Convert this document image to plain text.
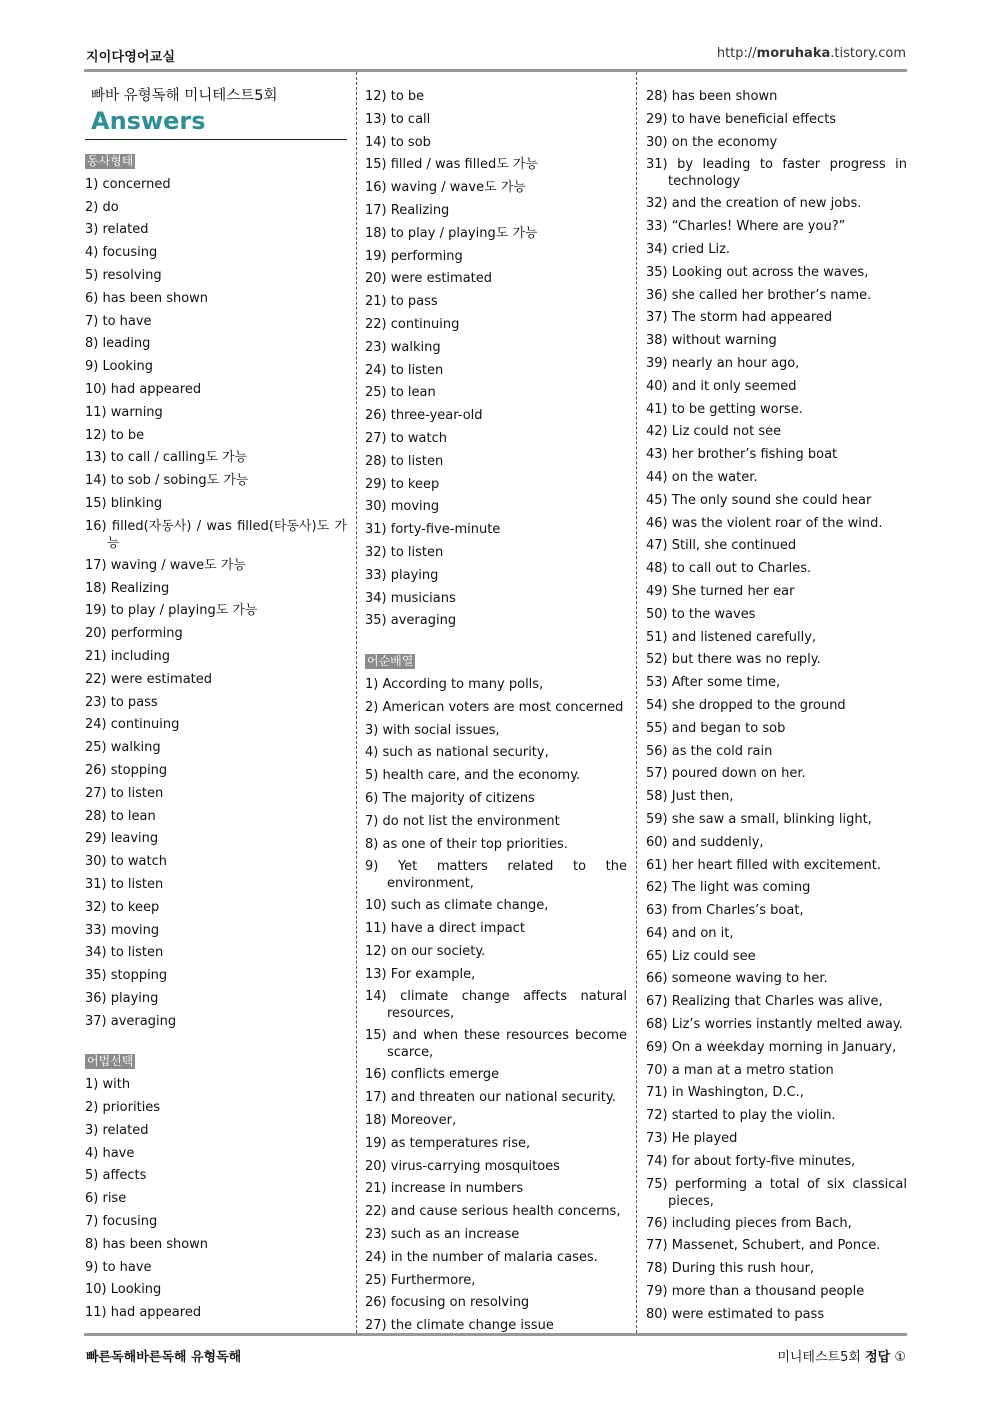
지이다영어교실	http://moruhaka.tistory.com
빠바 유형독해 미니테스트5회
Answers
동사형태
1) concerned
2) do
3) related
4) focusing
5) resolving
6) has been shown
7) to have
8) leading
9) Looking
10) had appeared
11) warning
12) to be
13) to call / calling도 가능
14) to sob / sobing도 가능
15) blinking
16) filled(자동사) / was filled(타동사)도 가능
17) waving / wave도 가능
18) Realizing
19) to play / playing도 가능
20) performing
21) including
22) were estimated
23) to pass
24) continuing
25) walking
26) stopping
27) to listen
28) to lean
29) leaving
30) to watch
31) to listen
32) to keep
33) moving
34) to listen
35) stopping
36) playing
37) averaging
어법선택
1) with
2) priorities
3) related
4) have
5) affects
6) rise
7) focusing
8) has been shown
9) to have
10) Looking
11) had appeared
12) to be
13) to call
14) to sob
15) filled / was filled도 가능
16) waving / wave도 가능
17) Realizing
18) to play / playing도 가능
19) performing
20) were estimated
21) to pass
22) continuing
23) walking
24) to listen
25) to lean
26) three-year-old
27) to watch
28) to listen
29) to keep
30) moving
31) forty-five-minute
32) to listen
33) playing
34) musicians
35) averaging
어순배열
1) According to many polls,
2) American voters are most concerned
3) with social issues,
4) such as national security,
5) health care, and the economy.
6) The majority of citizens
7) do not list the environment
8) as one of their top priorities.
9) Yet matters related to the environment,
10) such as climate change,
11) have a direct impact
12) on our society.
13) For example,
14) climate change affects natural resources,
15) and when these resources become scarce,
16) conflicts emerge
17) and threaten our national security.
18) Moreover,
19) as temperatures rise,
20) virus-carrying mosquitoes
21) increase in numbers
22) and cause serious health concerns,
23) such as an increase
24) in the number of malaria cases.
25) Furthermore,
26) focusing on resolving
27) the climate change issue
28) has been shown
29) to have beneficial effects
30) on the economy
31) by leading to faster progress in technology
32) and the creation of new jobs.
33) “Charles! Where are you?”
34) cried Liz.
35) Looking out across the waves,
36) she called her brother’s name.
37) The storm had appeared
38) without warning
39) nearly an hour ago,
40) and it only seemed
41) to be getting worse.
42) Liz could not see
43) her brother’s fishing boat
44) on the water.
45) The only sound she could hear
46) was the violent roar of the wind.
47) Still, she continued
48) to call out to Charles.
49) She turned her ear
50) to the waves
51) and listened carefully,
52) but there was no reply.
53) After some time,
54) she dropped to the ground
55) and began to sob
56) as the cold rain
57) poured down on her.
58) Just then,
59) she saw a small, blinking light,
60) and suddenly,
61) her heart filled with excitement.
62) The light was coming
63) from Charles’s boat,
64) and on it,
65) Liz could see
66) someone waving to her.
67) Realizing that Charles was alive,
68) Liz’s worries instantly melted away.
69) On a weekday morning in January,
70) a man at a metro station
71) in Washington, D.C.,
72) started to play the violin.
73) He played
74) for about forty-five minutes,
75) performing a total of six classical pieces,
76) including pieces from Bach,
77) Massenet, Schubert, and Ponce.
78) During this rush hour,
79) more than a thousand people
80) were estimated to pass
빠른독해바른독해 유형독해	미니테스트5회 정답 ①
